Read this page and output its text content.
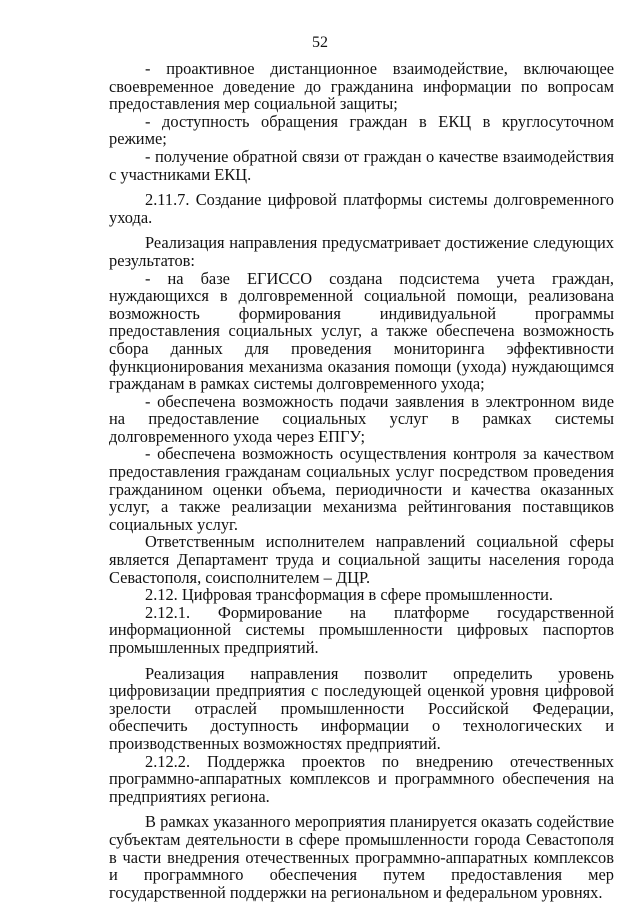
52

- проактивное дистанционное взаимодействие, включающее своевременное доведение до гражданина информации по вопросам предоставления мер социальной защиты;

- доступность обращения граждан в ЕКЦ в круглосуточном режиме;

- получение обратной связи от граждан о качестве взаимодействия с участниками ЕКЦ.

2.11.7. Создание цифровой платформы системы долговременного ухода.

Реализация направления предусматривает достижение следующих результатов:

- на базе ЕГИССО создана подсистема учета граждан, нуждающихся в долговременной социальной помощи, реализована возможность формирования индивидуальной программы предоставления социальных услуг, а также обеспечена возможность сбора данных для проведения мониторинга эффективности функционирования механизма оказания помощи (ухода) нуждающимся гражданам в рамках системы долговременного ухода;

- обеспечена возможность подачи заявления в электронном виде на предоставление социальных услуг в рамках системы долговременного ухода через ЕПГУ;

- обеспечена возможность осуществления контроля за качеством предоставления гражданам социальных услуг посредством проведения гражданином оценки объема, периодичности и качества оказанных услуг, а также реализации механизма рейтингования поставщиков социальных услуг.

Ответственным исполнителем направлений социальной сферы является Департамент труда и социальной защиты населения города Севастополя, соисполнителем – ДЦР.

2.12. Цифровая трансформация в сфере промышленности.

2.12.1. Формирование на платформе государственной информационной системы промышленности цифровых паспортов промышленных предприятий.

Реализация направления позволит определить уровень цифровизации предприятия с последующей оценкой уровня цифровой зрелости отраслей промышленности Российской Федерации, обеспечить доступность информации о технологических и производственных возможностях предприятий.

2.12.2. Поддержка проектов по внедрению отечественных программно-аппаратных комплексов и программного обеспечения на предприятиях региона.

В рамках указанного мероприятия планируется оказать содействие субъектам деятельности в сфере промышленности города Севастополя в части внедрения отечественных программно-аппаратных комплексов и программного обеспечения путем предоставления мер государственной поддержки на региональном и федеральном уровнях.
